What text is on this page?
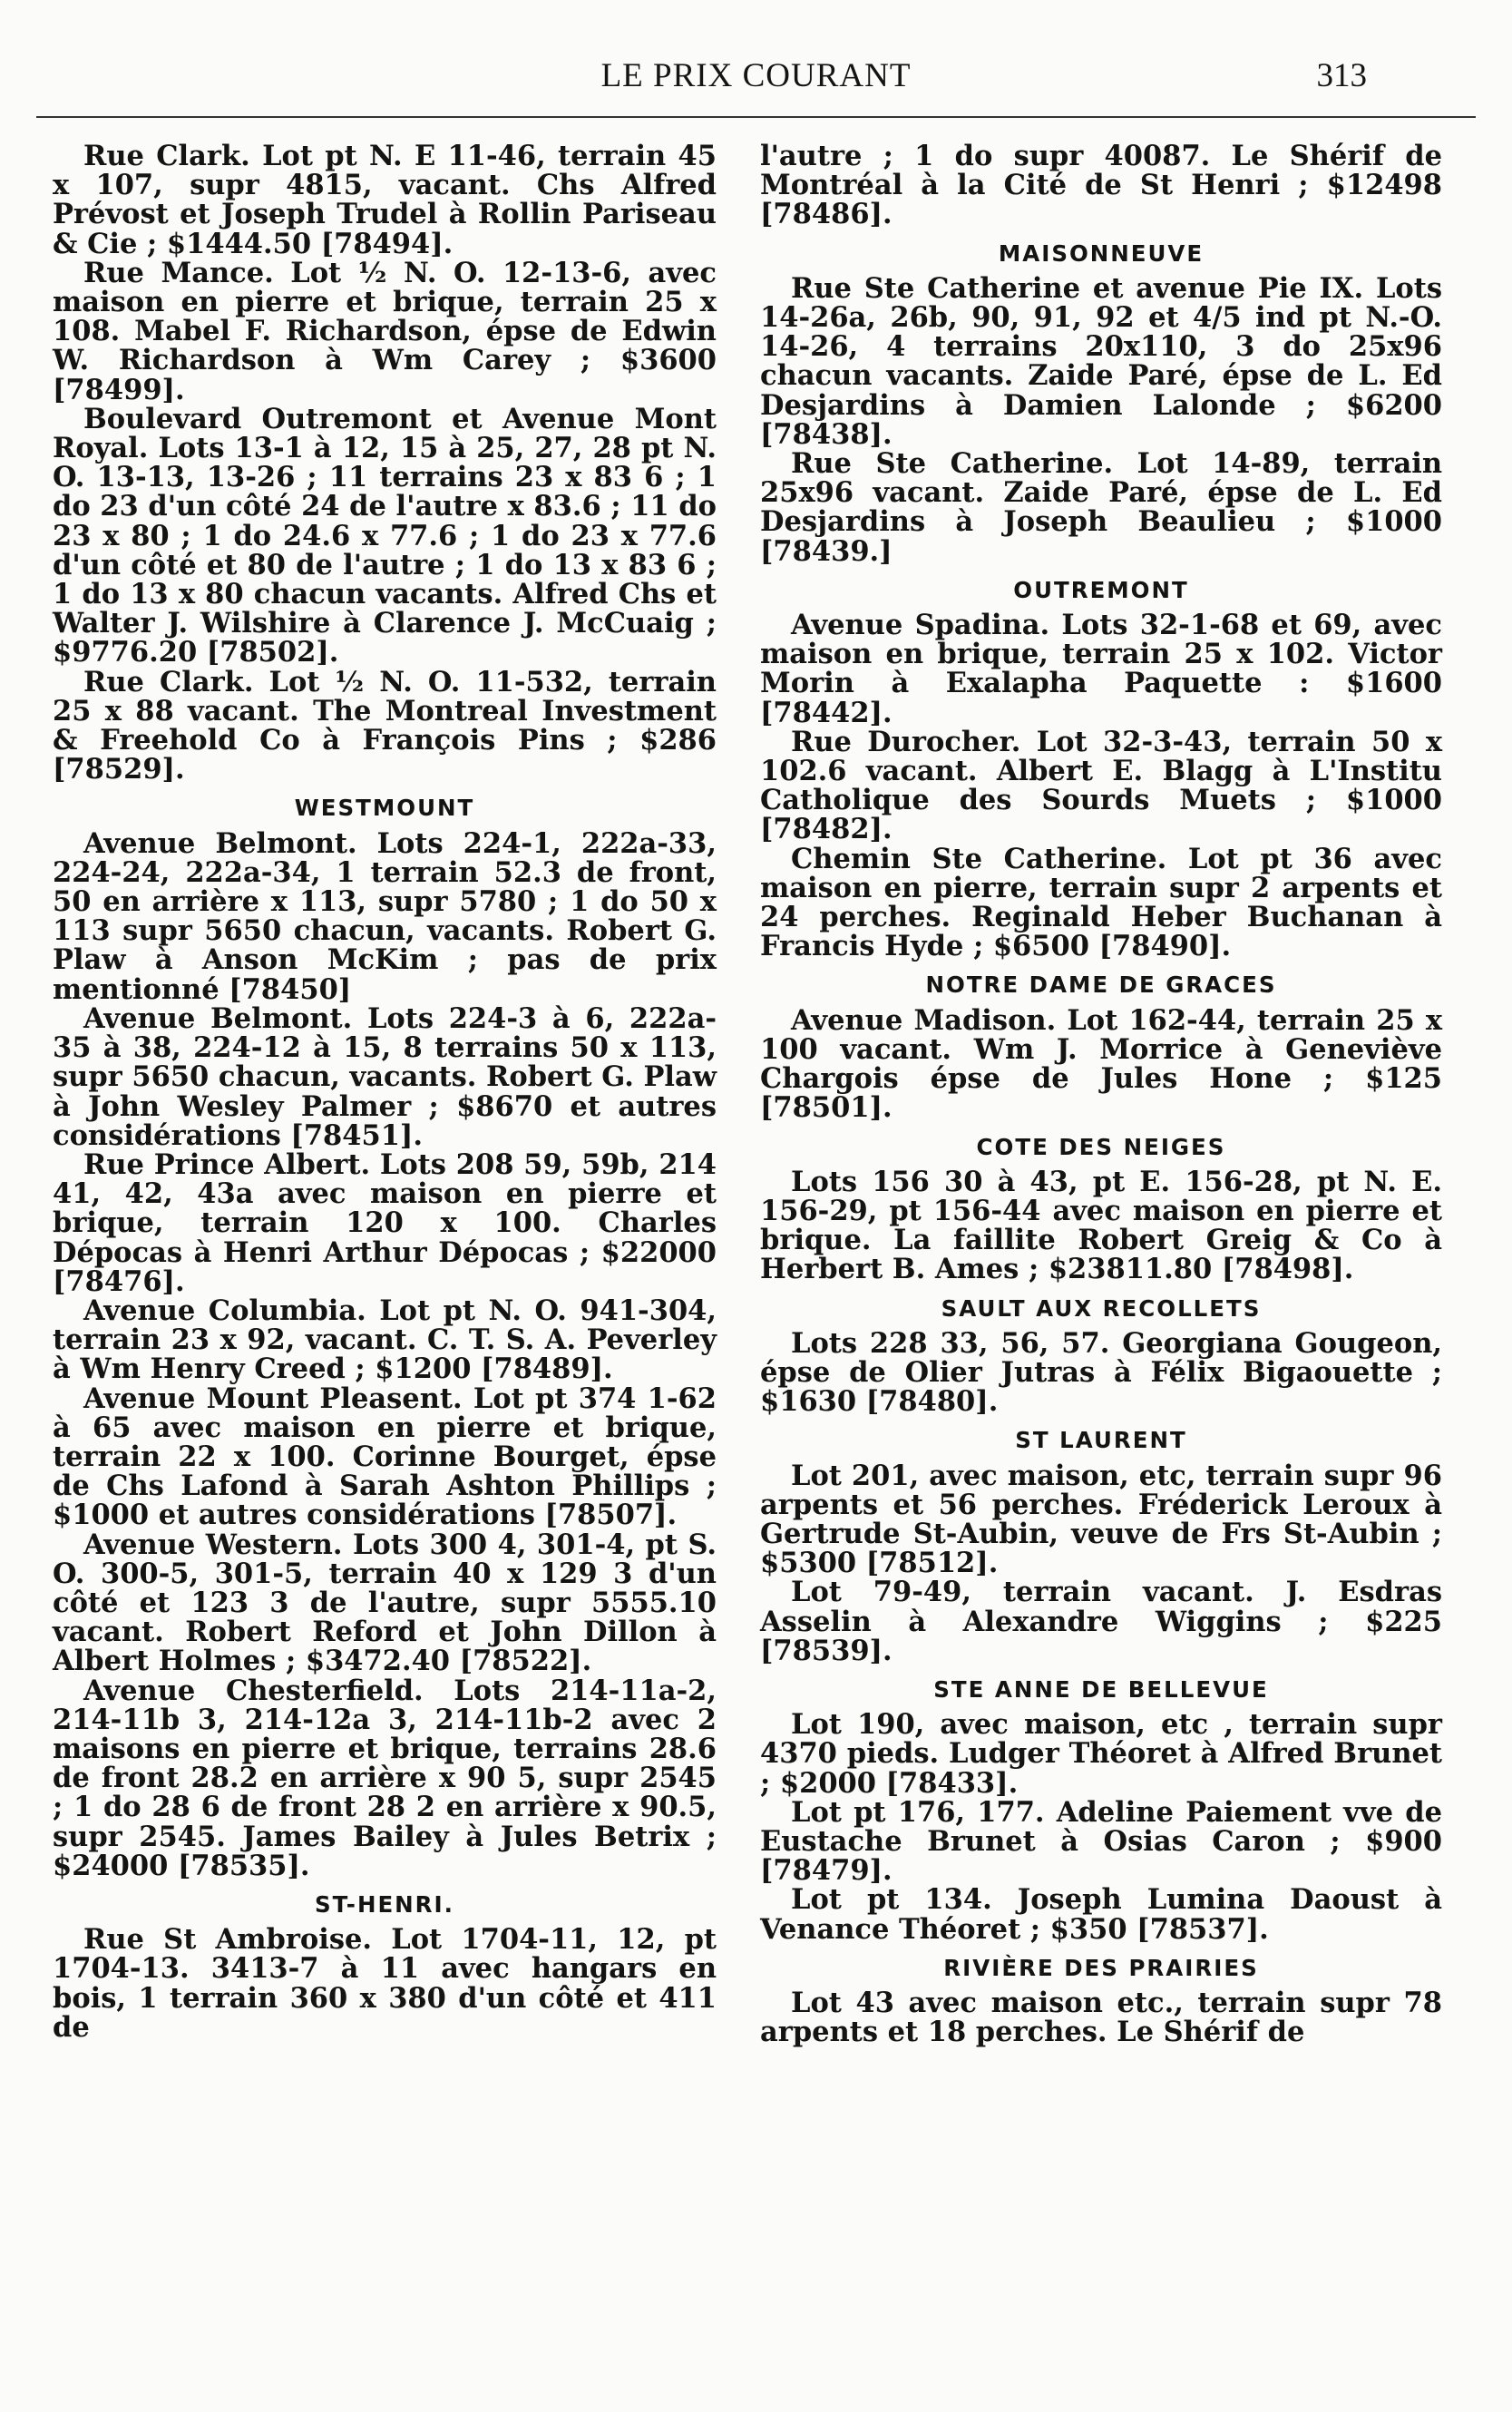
LE PRIX COURANT	313

Rue Clark. Lot pt N. E 11-46, terrain 45 x 107, supr 4815, vacant. Chs Alfred Prévost et Joseph Trudel à Rollin Pariseau & Cie ; $1444.50 [78494].

Rue Mance. Lot ½ N. O. 12-13-6, avec maison en pierre et brique, terrain 25 x 108. Mabel F. Richardson, épse de Edwin W. Richardson à Wm Carey ; $3600 [78499].

Boulevard Outremont et Avenue Mont Royal. Lots 13-1 à 12, 15 à 25, 27, 28 pt N. O. 13-13, 13-26 ; 11 terrains 23 x 83 6 ; 1 do 23 d'un côté 24 de l'autre x 83.6 ; 11 do 23 x 80 ; 1 do 24.6 x 77.6 ; 1 do 23 x 77.6 d'un côté et 80 de l'autre ; 1 do 13 x 83 6 ; 1 do 13 x 80 chacun vacants. Alfred Chs et Walter J. Wilshire à Clarence J. McCuaig ; $9776.20 [78502].

Rue Clark. Lot ½ N. O. 11-532, terrain 25 x 88 vacant. The Montreal Investment & Freehold Co à François Pins ; $286 [78529].

WESTMOUNT

Avenue Belmont. Lots 224-1, 222a-33, 224-24, 222a-34, 1 terrain 52.3 de front, 50 en arrière x 113, supr 5780 ; 1 do 50 x 113 supr 5650 chacun, vacants. Robert G. Plaw à Anson McKim ; pas de prix mentionné [78450]

Avenue Belmont. Lots 224-3 à 6, 222a-35 à 38, 224-12 à 15, 8 terrains 50 x 113, supr 5650 chacun, vacants. Robert G. Plaw à John Wesley Palmer ; $8670 et autres considérations [78451].

Rue Prince Albert. Lots 208 59, 59b, 214 41, 42, 43a avec maison en pierre et brique, terrain 120 x 100. Charles Dépocas à Henri Arthur Dépocas ; $22000 [78476].

Avenue Columbia. Lot pt N. O. 941-304, terrain 23 x 92, vacant. C. T. S. A. Peverley à Wm Henry Creed ; $1200 [78489].

Avenue Mount Pleasent. Lot pt 374 1-62 à 65 avec maison en pierre et brique, terrain 22 x 100. Corinne Bourget, épse de Chs Lafond à Sarah Ashton Phillips ; $1000 et autres considérations [78507].

Avenue Western. Lots 300 4, 301-4, pt S. O. 300-5, 301-5, terrain 40 x 129 3 d'un côté et 123 3 de l'autre, supr 5555.10 vacant. Robert Reford et John Dillon à Albert Holmes ; $3472.40 [78522].

Avenue Chesterfield. Lots 214-11a-2, 214-11b 3, 214-12a 3, 214-11b-2 avec 2 maisons en pierre et brique, terrains 28.6 de front 28.2 en arrière x 90 5, supr 2545 ; 1 do 28 6 de front 28 2 en arrière x 90.5, supr 2545. James Bailey à Jules Betrix ; $24000 [78535].

ST-HENRI.

Rue St Ambroise. Lot 1704-11, 12, pt 1704-13. 3413-7 à 11 avec hangars en bois, 1 terrain 360 x 380 d'un côté et 411 de

l'autre ; 1 do supr 40087. Le Shérif de Montréal à la Cité de St Henri ; $12498 [78486].

MAISONNEUVE

Rue Ste Catherine et avenue Pie IX. Lots 14-26a, 26b, 90, 91, 92 et 4/5 ind pt N.-O. 14-26, 4 terrains 20x110, 3 do 25x96 chacun vacants. Zaide Paré, épse de L. Ed Desjardins à Damien Lalonde ; $6200 [78438].

Rue Ste Catherine. Lot 14-89, terrain 25x96 vacant. Zaide Paré, épse de L. Ed Desjardins à Joseph Beaulieu ; $1000 [78439.]

OUTREMONT

Avenue Spadina. Lots 32-1-68 et 69, avec maison en brique, terrain 25 x 102. Victor Morin à Exalapha Paquette : $1600 [78442].

Rue Durocher. Lot 32-3-43, terrain 50 x 102.6 vacant. Albert E. Blagg à L'Institu Catholique des Sourds Muets ; $1000 [78482].

Chemin Ste Catherine. Lot pt 36 avec maison en pierre, terrain supr 2 arpents et 24 perches. Reginald Heber Buchanan à Francis Hyde ; $6500 [78490].

NOTRE DAME DE GRACES

Avenue Madison. Lot 162-44, terrain 25 x 100 vacant. Wm J. Morrice à Geneviève Chargois épse de Jules Hone ; $125 [78501].

COTE DES NEIGES

Lots 156 30 à 43, pt E. 156-28, pt N. E. 156-29, pt 156-44 avec maison en pierre et brique. La faillite Robert Greig & Co à Herbert B. Ames ; $23811.80 [78498].

SAULT AUX RECOLLETS

Lots 228 33, 56, 57. Georgiana Gougeon, épse de Olier Jutras à Félix Bigaouette ; $1630 [78480].

ST LAURENT

Lot 201, avec maison, etc, terrain supr 96 arpents et 56 perches. Fréderick Leroux à Gertrude St-Aubin, veuve de Frs St-Aubin ; $5300 [78512].

Lot 79-49, terrain vacant. J. Esdras Asselin à Alexandre Wiggins ; $225 [78539].

STE ANNE DE BELLEVUE

Lot 190, avec maison, etc , terrain supr 4370 pieds. Ludger Théoret à Alfred Brunet ; $2000 [78433].

Lot pt 176, 177. Adeline Paiement vve de Eustache Brunet à Osias Caron ; $900 [78479].

Lot pt 134. Joseph Lumina Daoust à Venance Théoret ; $350 [78537].

RIVIÈRE DES PRAIRIES

Lot 43 avec maison etc., terrain supr 78 arpents et 18 perches. Le Shérif de
